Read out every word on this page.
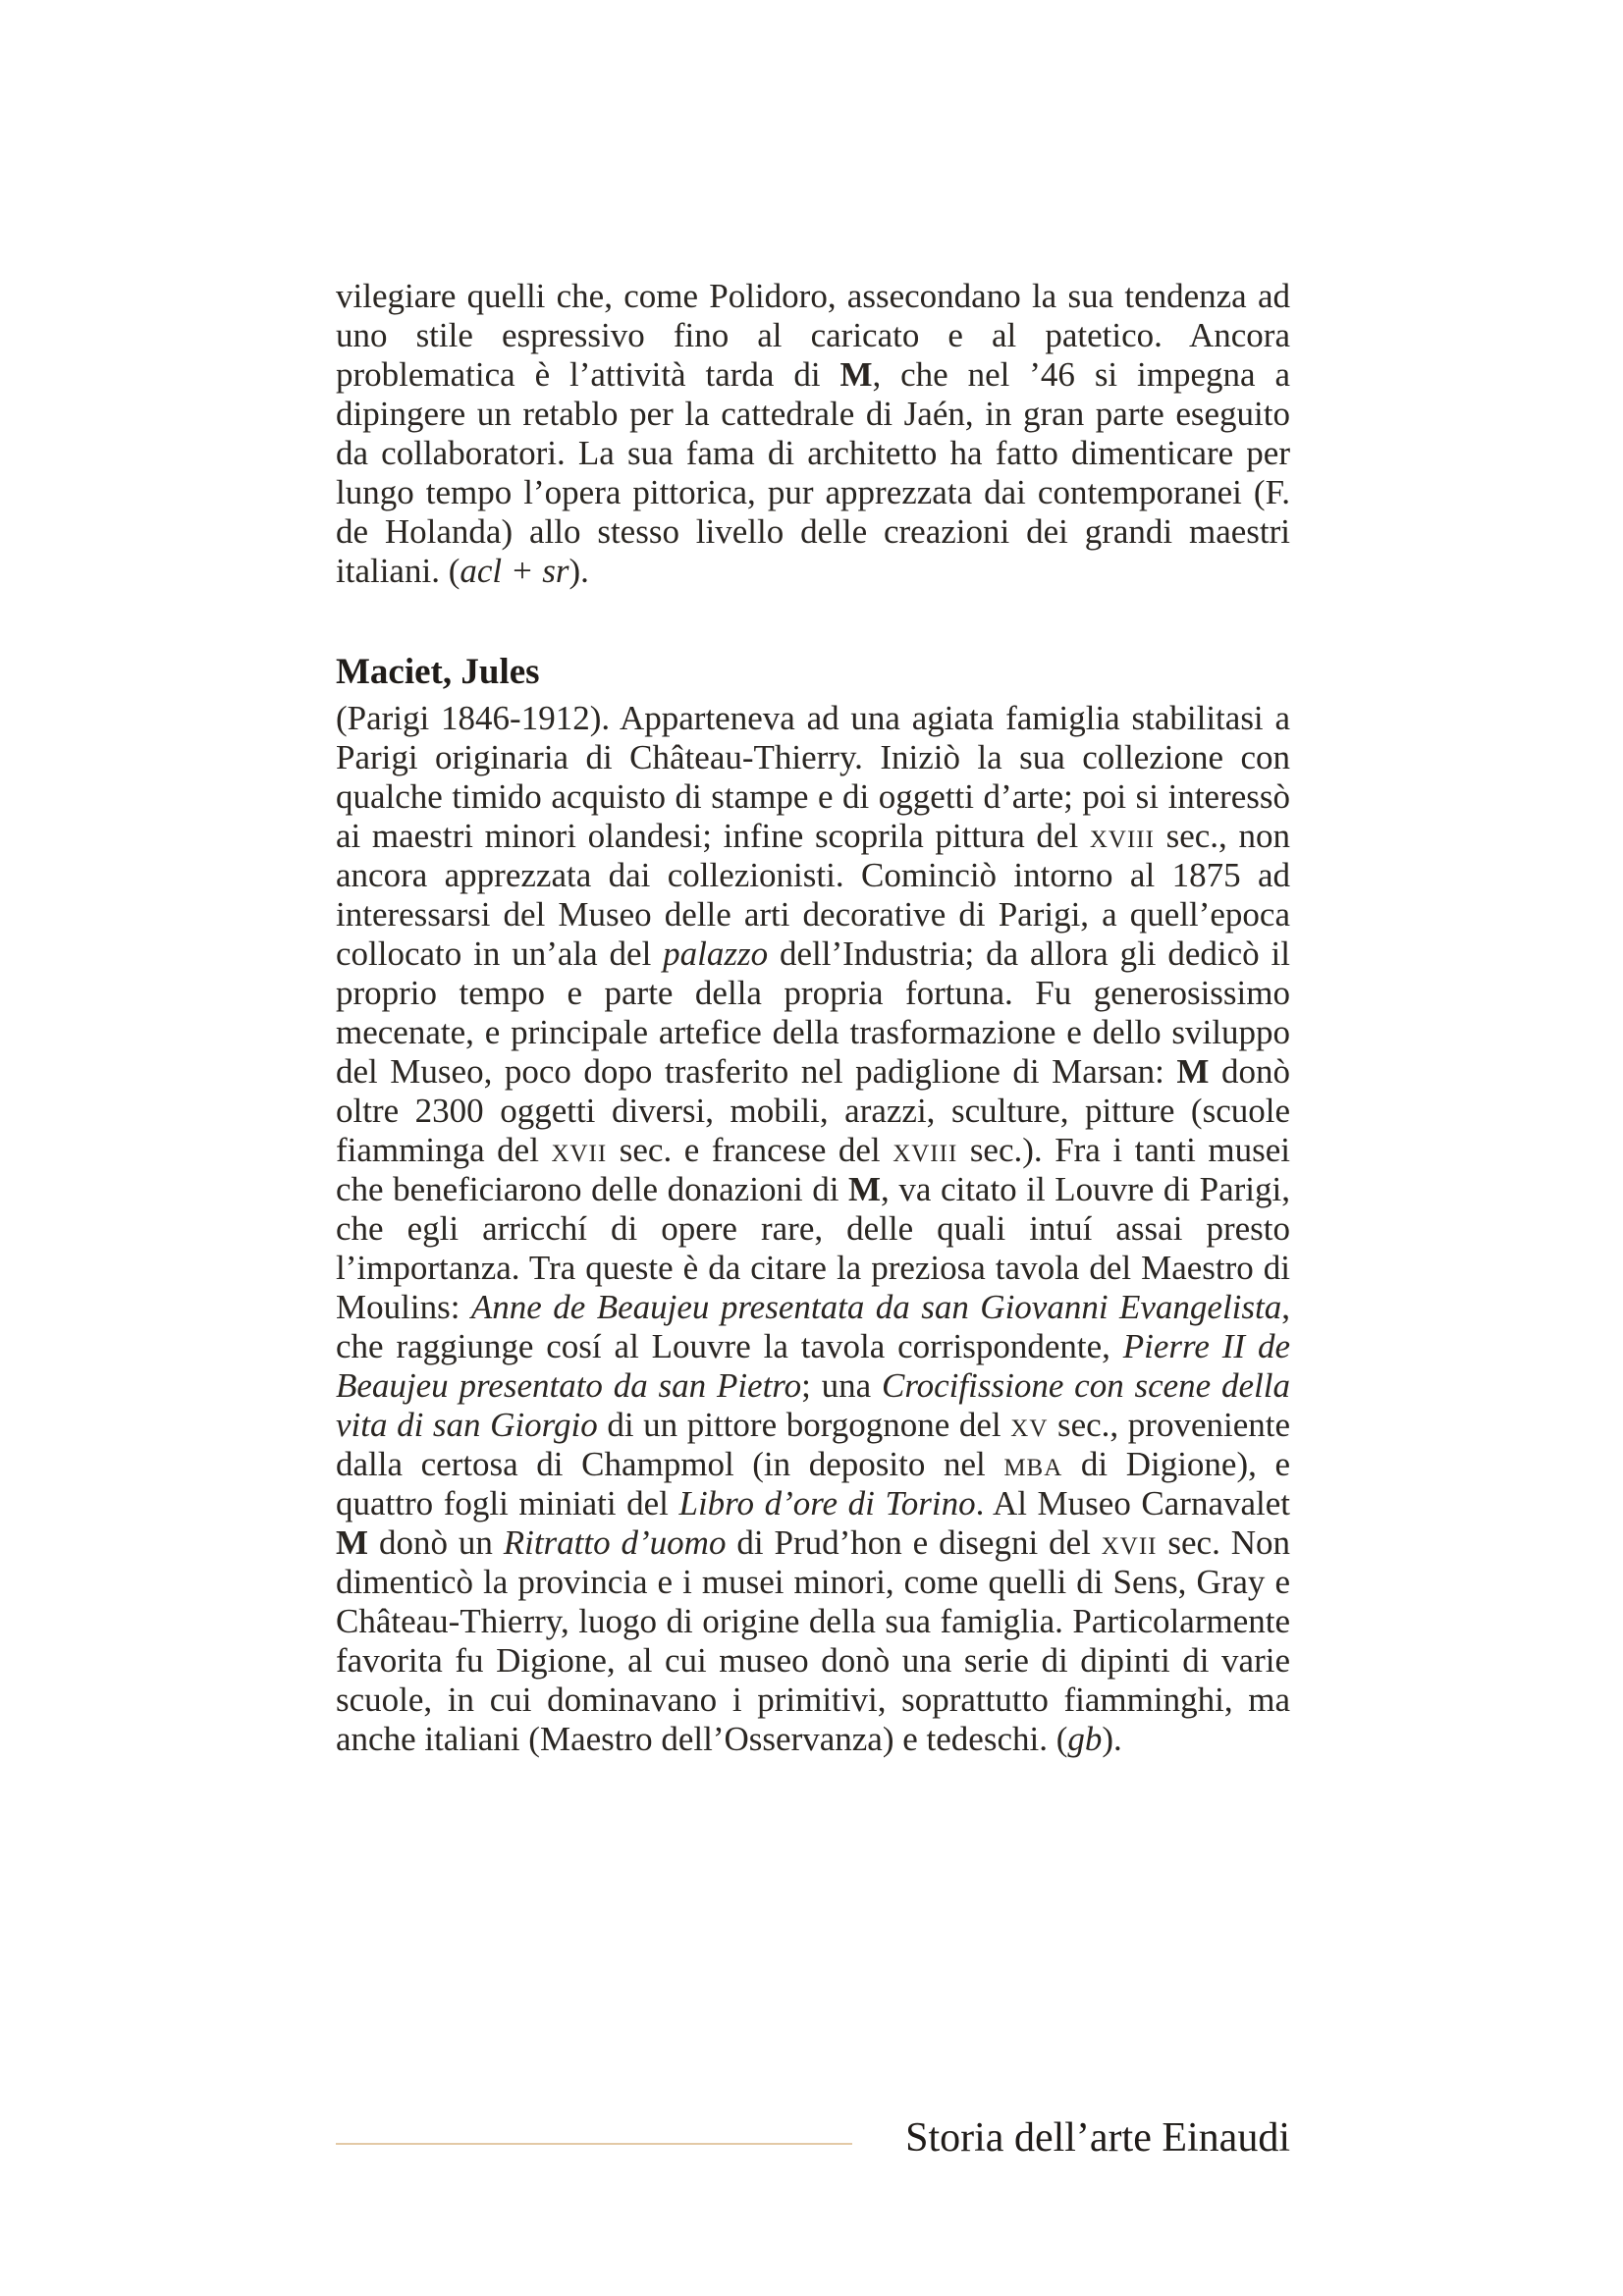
vilegiare quelli che, come Polidoro, assecondano la sua tendenza ad uno stile espressivo fino al caricato e al patetico. Ancora problematica è l’attività tarda di M, che nel ’46 si impegna a dipingere un retablo per la cattedrale di Jaén, in gran parte eseguito da collaboratori. La sua fama di architetto ha fatto dimenticare per lungo tempo l’opera pittorica, pur apprezzata dai contemporanei (F. de Holanda) allo stesso livello delle creazioni dei grandi maestri italiani. (acl + sr).

Maciet, Jules

(Parigi 1846-1912). Apparteneva ad una agiata famiglia stabilitasi a Parigi originaria di Château-Thierry. Iniziò la sua collezione con qualche timido acquisto di stampe e di oggetti d’arte; poi si interessò ai maestri minori olandesi; infine scoprila pittura del xviii sec., non ancora apprezzata dai collezionisti. Cominciò intorno al 1875 ad interessarsi del Museo delle arti decorative di Parigi, a quell’epoca collocato in un’ala del palazzo dell’Industria; da allora gli dedicò il proprio tempo e parte della propria fortuna. Fu generosissimo mecenate, e principale artefice della trasformazione e dello sviluppo del Museo, poco dopo trasferito nel padiglione di Marsan: M donò oltre 2300 oggetti diversi, mobili, arazzi, sculture, pitture (scuole fiamminga del xvii sec. e francese del xviii sec.). Fra i tanti musei che beneficiarono delle donazioni di M, va citato il Louvre di Parigi, che egli arricchí di opere rare, delle quali intuí assai presto l’importanza. Tra queste è da citare la preziosa tavola del Maestro di Moulins: Anne de Beaujeu presentata da san Giovanni Evangelista, che raggiunge cosí al Louvre la tavola corrispondente, Pierre II de Beaujeu presentato da san Pietro; una Crocifissione con scene della vita di san Giorgio di un pittore borgognone del xv sec., proveniente dalla certosa di Champmol (in deposito nel mba di Digione), e quattro fogli miniati del Libro d’ore di Torino. Al Museo Carnavalet M donò un Ritratto d’uomo di Prud’hon e disegni del xvii sec. Non dimenticò la provincia e i musei minori, come quelli di Sens, Gray e Château-Thierry, luogo di origine della sua famiglia. Particolarmente favorita fu Digione, al cui museo donò una serie di dipinti di varie scuole, in cui dominavano i primitivi, soprattutto fiamminghi, ma anche italiani (Maestro dell’Osservanza) e tedeschi. (gb).

Storia dell’arte Einaudi
